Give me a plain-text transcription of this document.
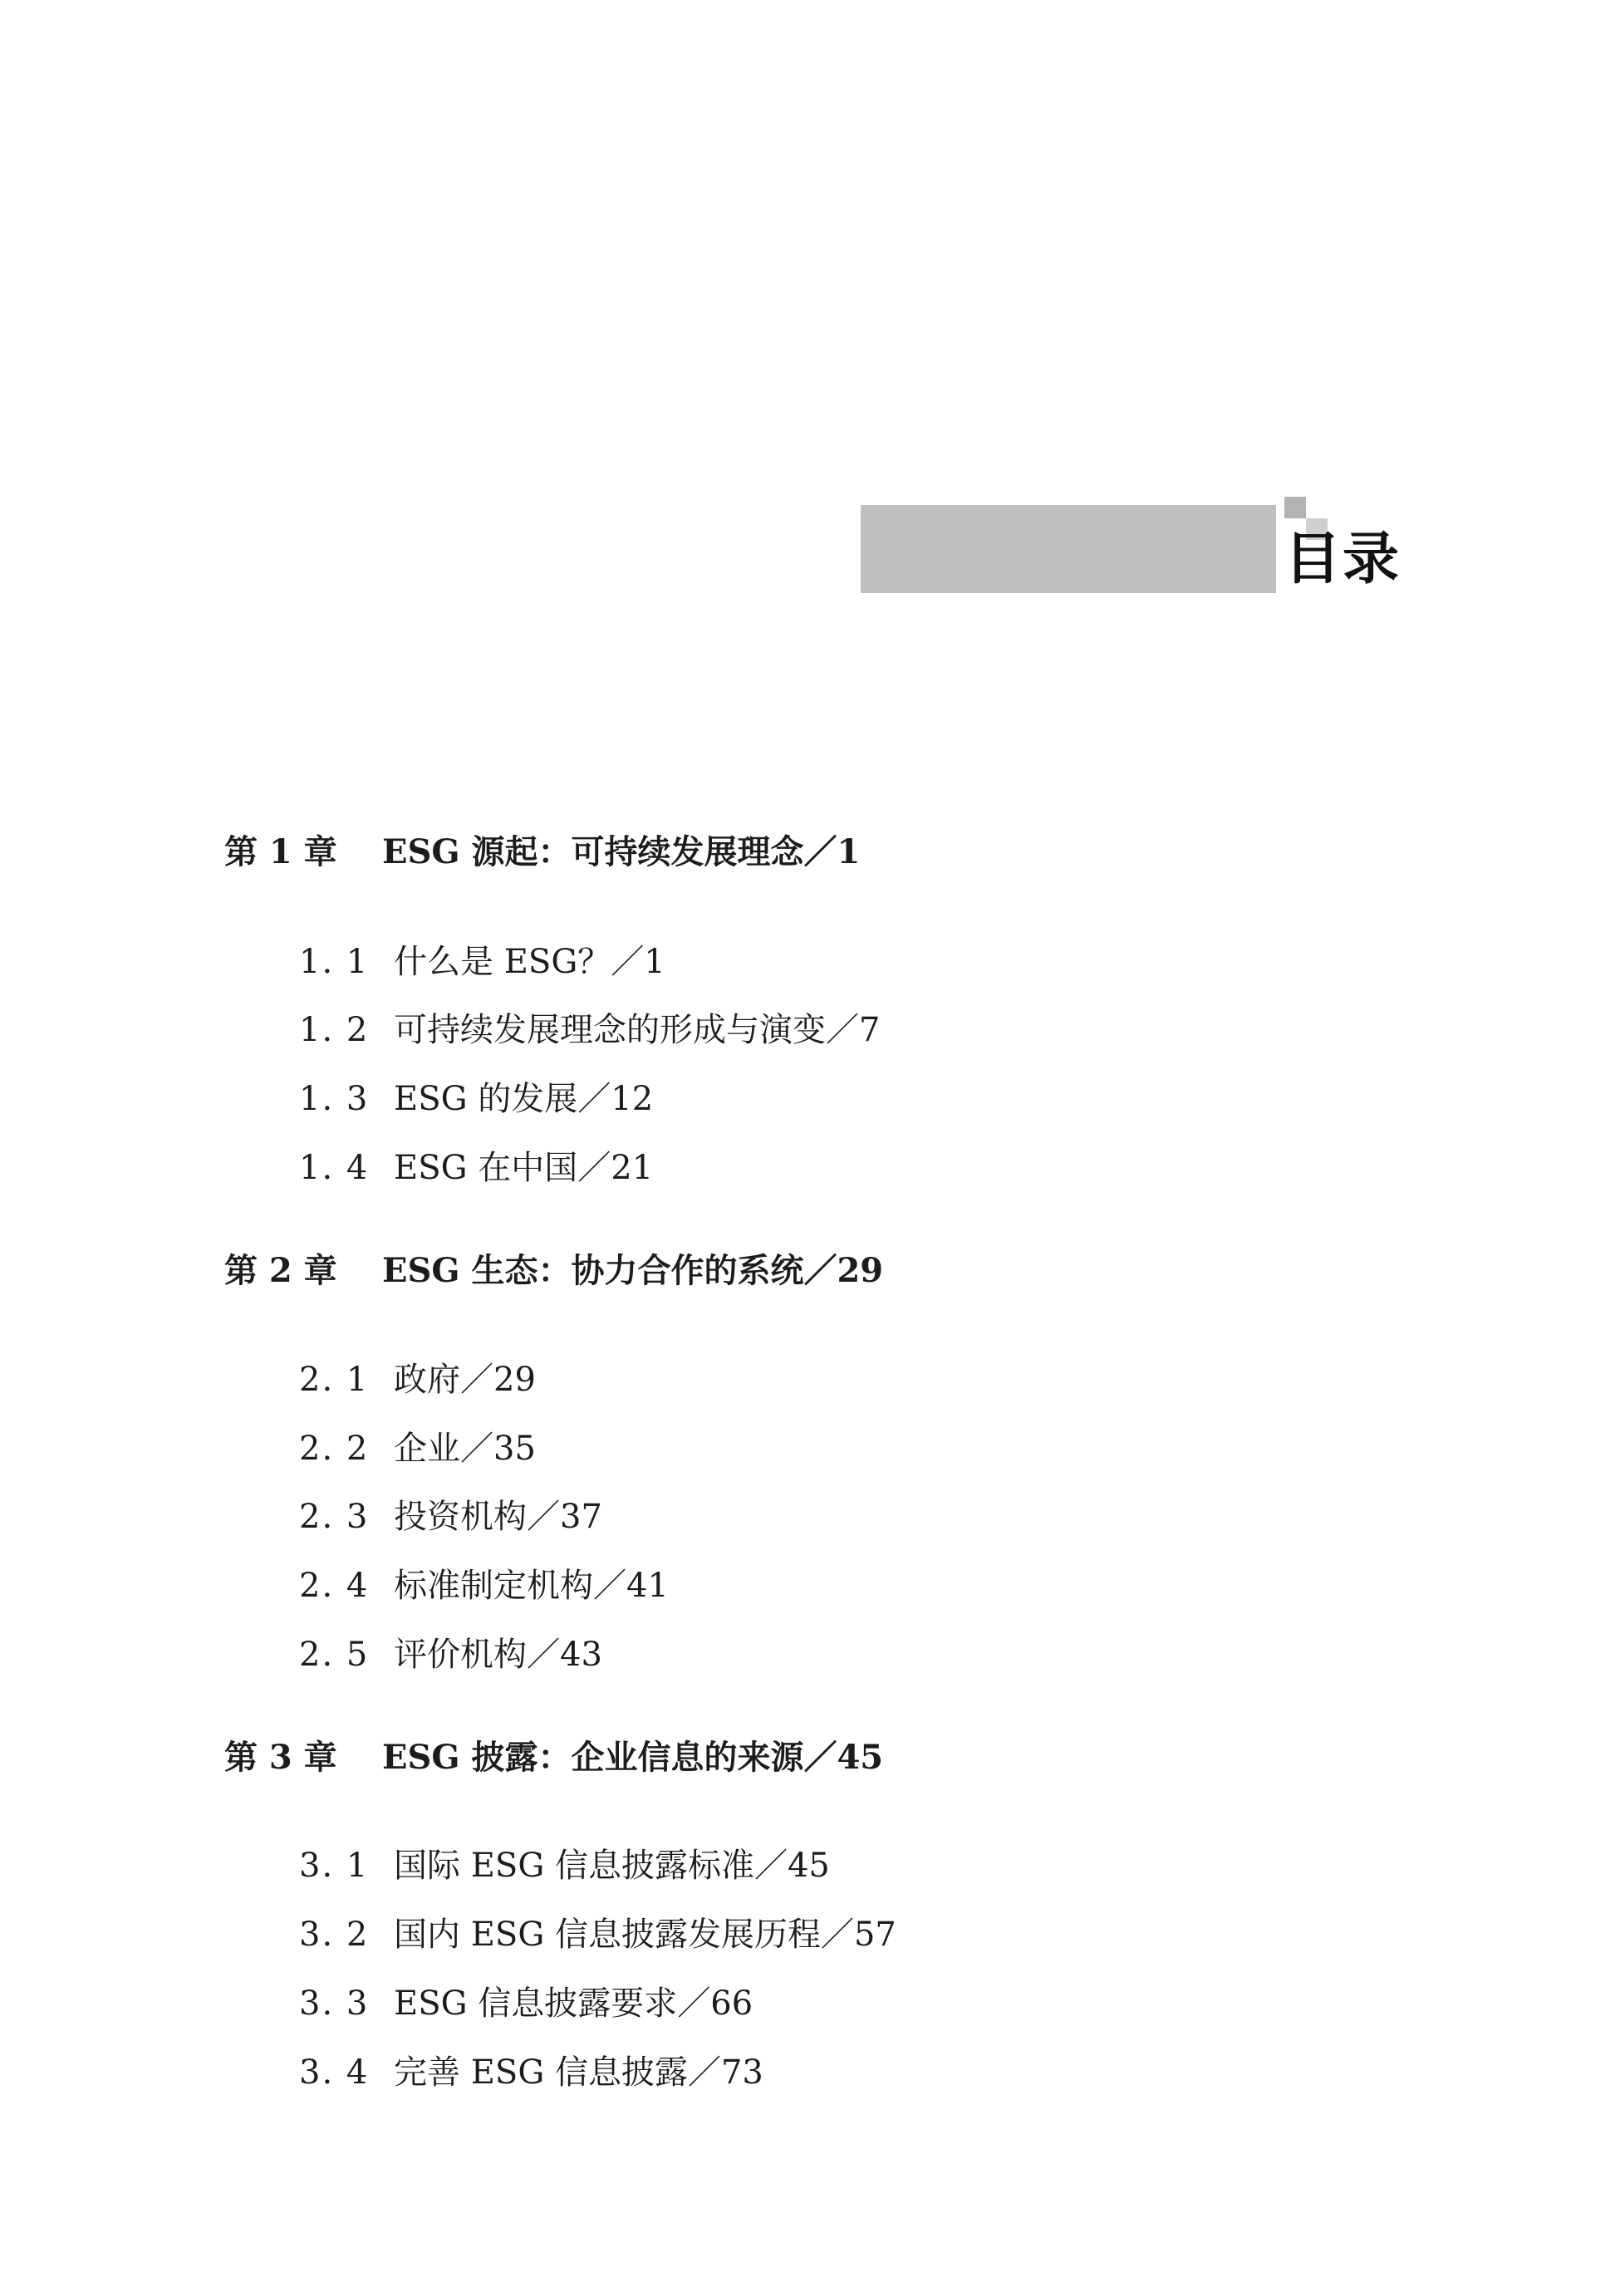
目录
第 1 章 ESG 源起：可持续发展理念／1
1. 1 什么是 ESG？／1
1. 2 可持续发展理念的形成与演变／7
1. 3 ESG 的发展／12
1. 4 ESG 在中国／21
第 2 章 ESG 生态：协力合作的系统／29
2. 1 政府／29
2. 2 企业／35
2. 3 投资机构／37
2. 4 标准制定机构／41
2. 5 评价机构／43
第 3 章 ESG 披露：企业信息的来源／45
3. 1 国际 ESG 信息披露标准／45
3. 2 国内 ESG 信息披露发展历程／57
3. 3 ESG 信息披露要求／66
3. 4 完善 ESG 信息披露／73
